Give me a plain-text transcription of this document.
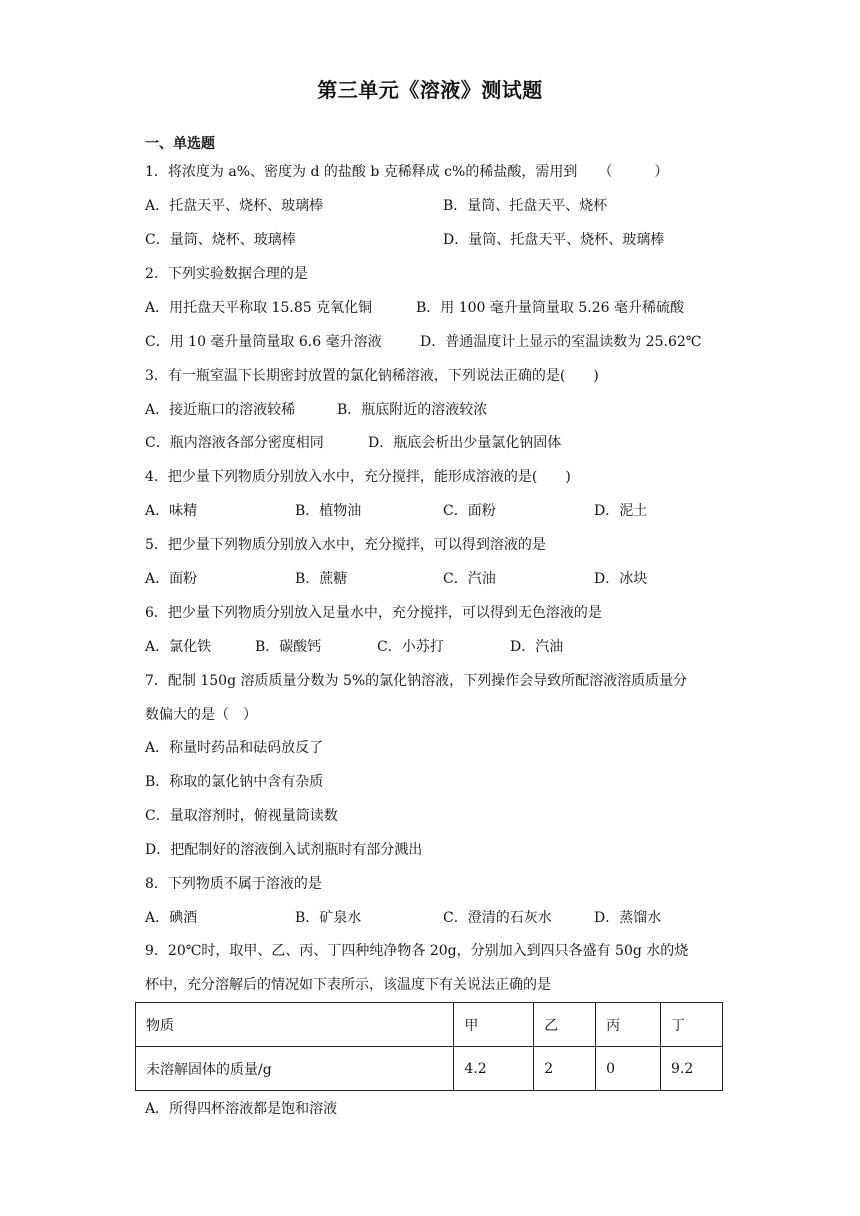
第三单元《溶液》测试题
一、单选题
1．将浓度为 a%、密度为 d 的盐酸 b 克稀释成 c%的稀盐酸，需用到　　（　　　）
A．托盘天平、烧杯、玻璃棒	B．量筒、托盘天平、烧杯
C．量筒、烧杯、玻璃棒	D．量筒、托盘天平、烧杯、玻璃棒
2．下列实验数据合理的是
A．用托盘天平称取 15.85 克氧化铜	B．用 100 毫升量筒量取 5.26 毫升稀硫酸
C．用 10 毫升量筒量取 6.6 毫升溶液	D．普通温度计上显示的室温读数为 25.62℃
3．有一瓶室温下长期密封放置的氯化钠稀溶液，下列说法正确的是(　　)
A．接近瓶口的溶液较稀	B．瓶底附近的溶液较浓
C．瓶内溶液各部分密度相同	D．瓶底会析出少量氯化钠固体
4．把少量下列物质分别放入水中，充分搅拌，能形成溶液的是(　　)
A．味精	B．植物油	C．面粉	D．泥土
5．把少量下列物质分别放入水中，充分搅拌，可以得到溶液的是
A．面粉	B．蔗糖	C．汽油	D．冰块
6．把少量下列物质分别放入足量水中，充分搅拌，可以得到无色溶液的是
A．氯化铁	B．碳酸钙	C．小苏打	D．汽油
7．配制 150g 溶质质量分数为 5%的氯化钠溶液，下列操作会导致所配溶液溶质质量分
数偏大的是（　）
A．称量时药品和砝码放反了
B．称取的氯化钠中含有杂质
C．量取溶剂时，俯视量筒读数
D．把配制好的溶液倒入试剂瓶时有部分溅出
8．下列物质不属于溶液的是
A．碘酒	B．矿泉水	C．澄清的石灰水	D．蒸馏水
9．20℃时，取甲、乙、丙、丁四种纯净物各 20g，分别加入到四只各盛有 50g 水的烧
杯中，充分溶解后的情况如下表所示，该温度下有关说法正确的是
物质	甲	乙	丙	丁
未溶解固体的质量/g	4.2	2	0	9.2
A．所得四杯溶液都是饱和溶液
